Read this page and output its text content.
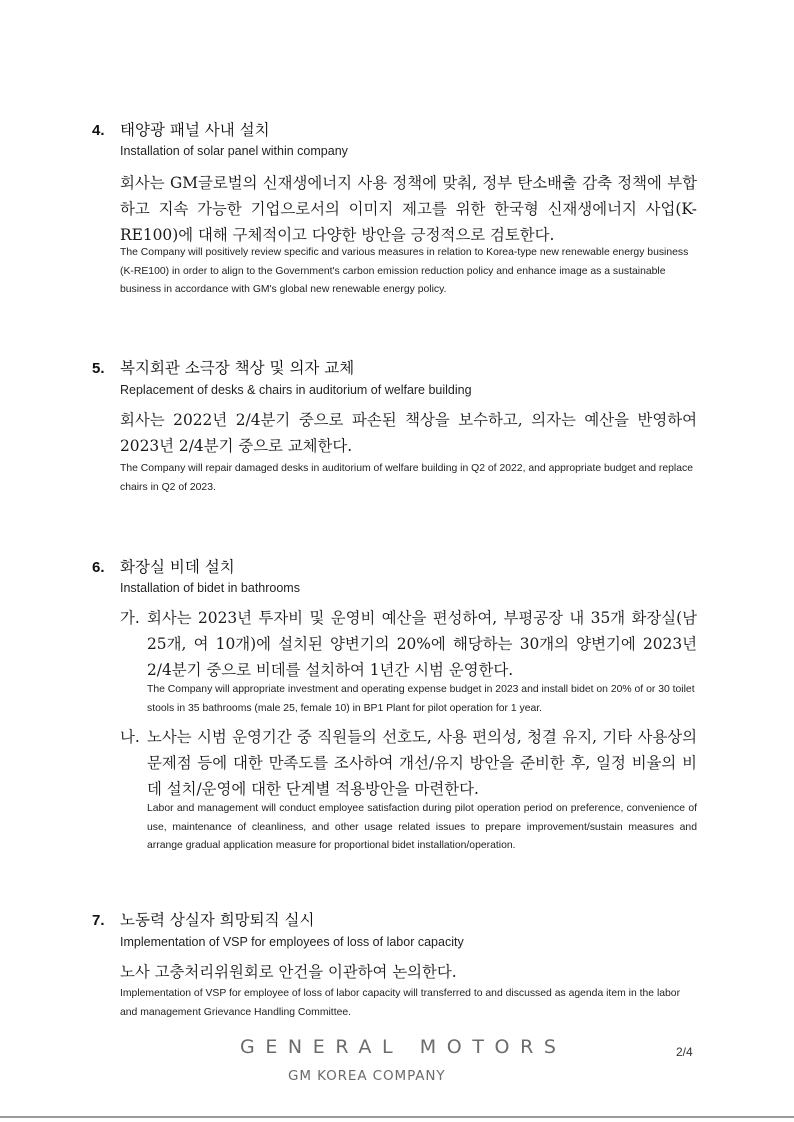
4. 태양광 패널 사내 설치
Installation of solar panel within company
회사는 GM글로벌의 신재생에너지 사용 정책에 맞춰, 정부 탄소배출 감축 정책에 부합하고 지속 가능한 기업으로서의 이미지 제고를 위한 한국형 신재생에너지 사업(K-RE100)에 대해 구체적이고 다양한 방안을 긍정적으로 검토한다.
The Company will positively review specific and various measures in relation to Korea-type new renewable energy business (K-RE100) in order to align to the Government's carbon emission reduction policy and enhance image as a sustainable business in accordance with GM's global new renewable energy policy.
5. 복지회관 소극장 책상 및 의자 교체
Replacement of desks & chairs in auditorium of welfare building
회사는 2022년 2/4분기 중으로 파손된 책상을 보수하고, 의자는 예산을 반영하여 2023년 2/4분기 중으로 교체한다.
The Company will repair damaged desks in auditorium of welfare building in Q2 of 2022, and appropriate budget and replace chairs in Q2 of 2023.
6. 화장실 비데 설치
Installation of bidet in bathrooms
가. 회사는 2023년 투자비 및 운영비 예산을 편성하여, 부평공장 내 35개 화장실(남 25개, 여 10개)에 설치된 양변기의 20%에 해당하는 30개의 양변기에 2023년 2/4분기 중으로 비데를 설치하여 1년간 시범 운영한다.
The Company will appropriate investment and operating expense budget in 2023 and install bidet on 20% of or 30 toilet stools in 35 bathrooms (male 25, female 10) in BP1 Plant for pilot operation for 1 year.
나. 노사는 시범 운영기간 중 직원들의 선호도, 사용 편의성, 청결 유지, 기타 사용상의 문제점 등에 대한 만족도를 조사하여 개선/유지 방안을 준비한 후, 일정 비율의 비데 설치/운영에 대한 단계별 적용방안을 마련한다.
Labor and management will conduct employee satisfaction during pilot operation period on preference, convenience of use, maintenance of cleanliness, and other usage related issues to prepare improvement/sustain measures and arrange gradual application measure for proportional bidet installation/operation.
7. 노동력 상실자 희망퇴직 실시
Implementation of VSP for employees of loss of labor capacity
노사 고충처리위원회로 안건을 이관하여 논의한다.
Implementation of VSP for employee of loss of labor capacity will transferred to and discussed as agenda item in the labor and management Grievance Handling Committee.
GENERAL MOTORS
GM KOREA COMPANY
2/4
